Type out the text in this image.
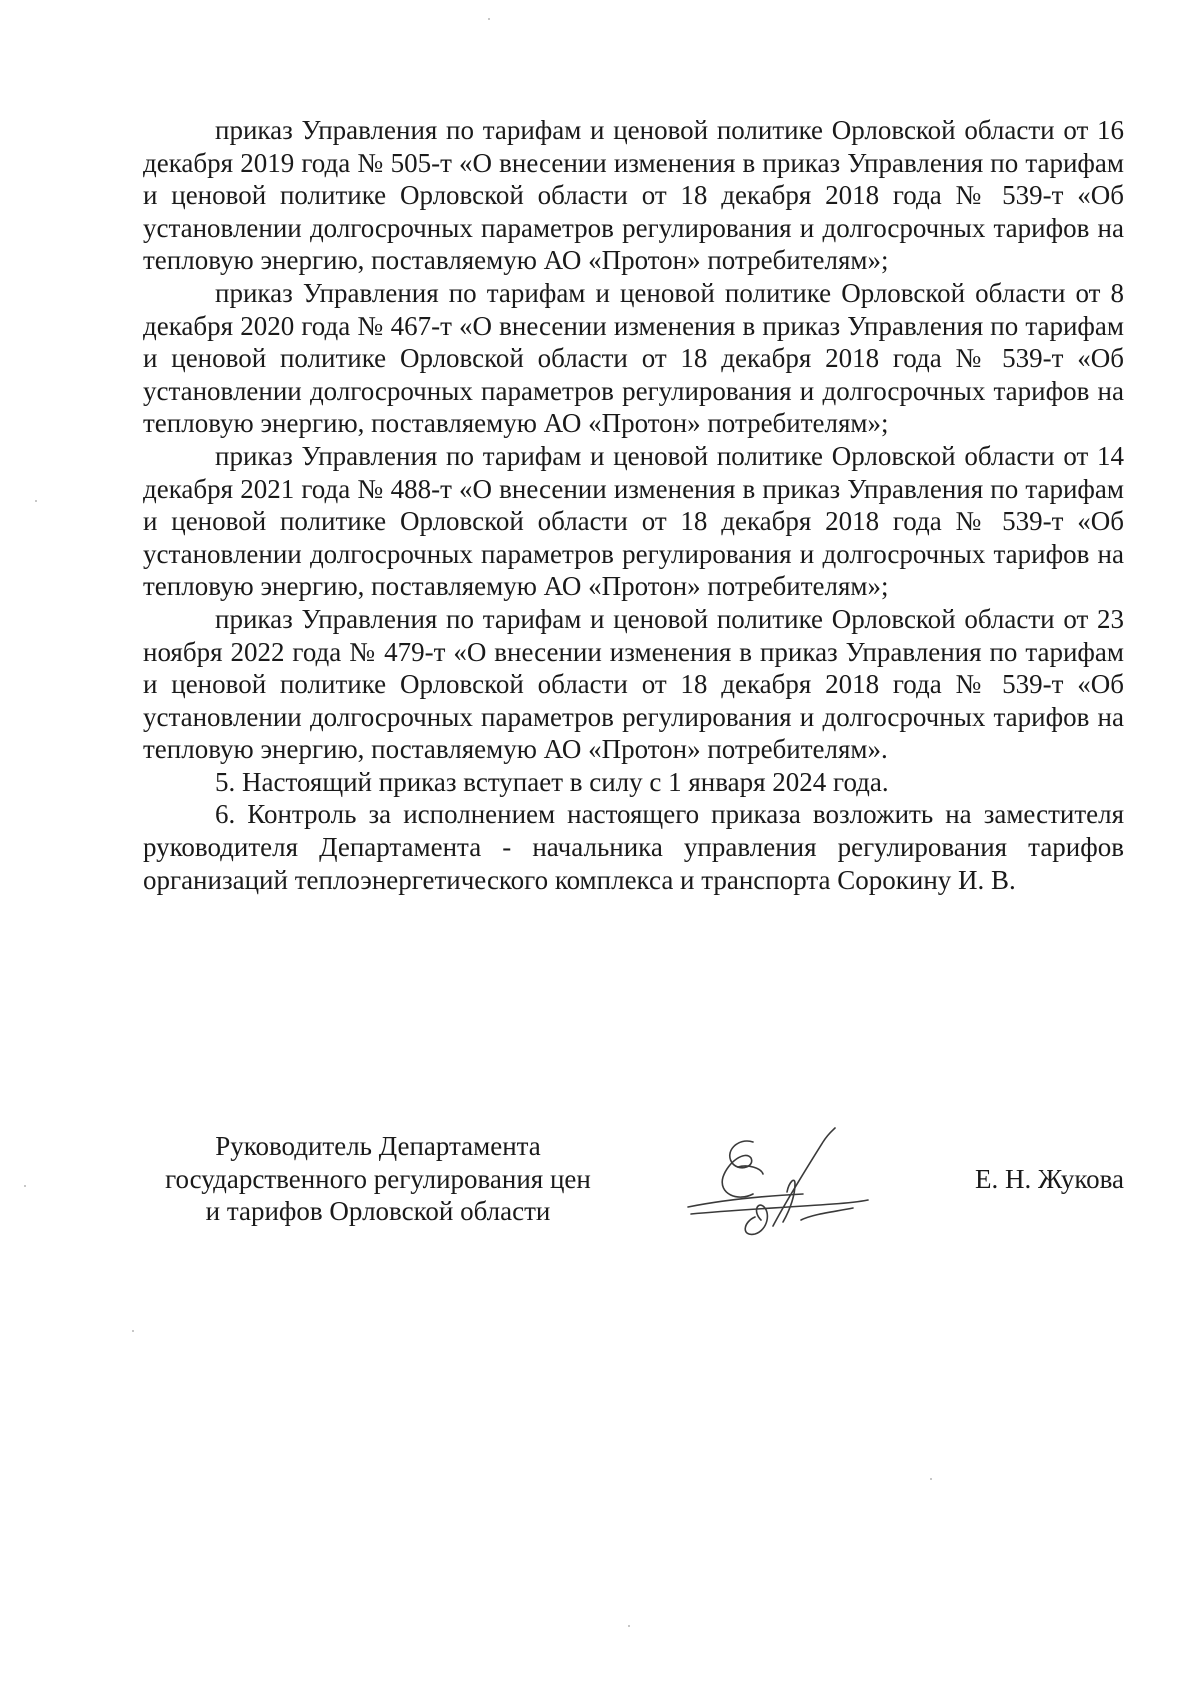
приказ Управления по тарифам и ценовой политике Орловской области от 16 декабря 2019 года № 505-т «О внесении изменения в приказ Управления по тарифам и ценовой политике Орловской области от 18 декабря 2018 года № 539-т «Об установлении долгосрочных параметров регулирования и долгосрочных тарифов на тепловую энергию, поставляемую АО «Протон» потребителям»;

приказ Управления по тарифам и ценовой политике Орловской области от 8 декабря 2020 года № 467-т «О внесении изменения в приказ Управления по тарифам и ценовой политике Орловской области от 18 декабря 2018 года № 539-т «Об установлении долгосрочных параметров регулирования и долгосрочных тарифов на тепловую энергию, поставляемую АО «Протон» потребителям»;

приказ Управления по тарифам и ценовой политике Орловской области от 14 декабря 2021 года № 488-т «О внесении изменения в приказ Управления по тарифам и ценовой политике Орловской области от 18 декабря 2018 года № 539-т «Об установлении долгосрочных параметров регулирования и долгосрочных тарифов на тепловую энергию, поставляемую АО «Протон» потребителям»;

приказ Управления по тарифам и ценовой политике Орловской области от 23 ноября 2022 года № 479-т «О внесении изменения в приказ Управления по тарифам и ценовой политике Орловской области от 18 декабря 2018 года № 539-т «Об установлении долгосрочных параметров регулирования и долгосрочных тарифов на тепловую энергию, поставляемую АО «Протон» потребителям».

5. Настоящий приказ вступает в силу с 1 января 2024 года.

6. Контроль за исполнением настоящего приказа возложить на заместителя руководителя Департамента - начальника управления регулирования тарифов организаций теплоэнергетического комплекса и транспорта Сорокину И. В.

Руководитель Департамента
государственного регулирования цен
и тарифов Орловской области
Е. Н. Жукова
